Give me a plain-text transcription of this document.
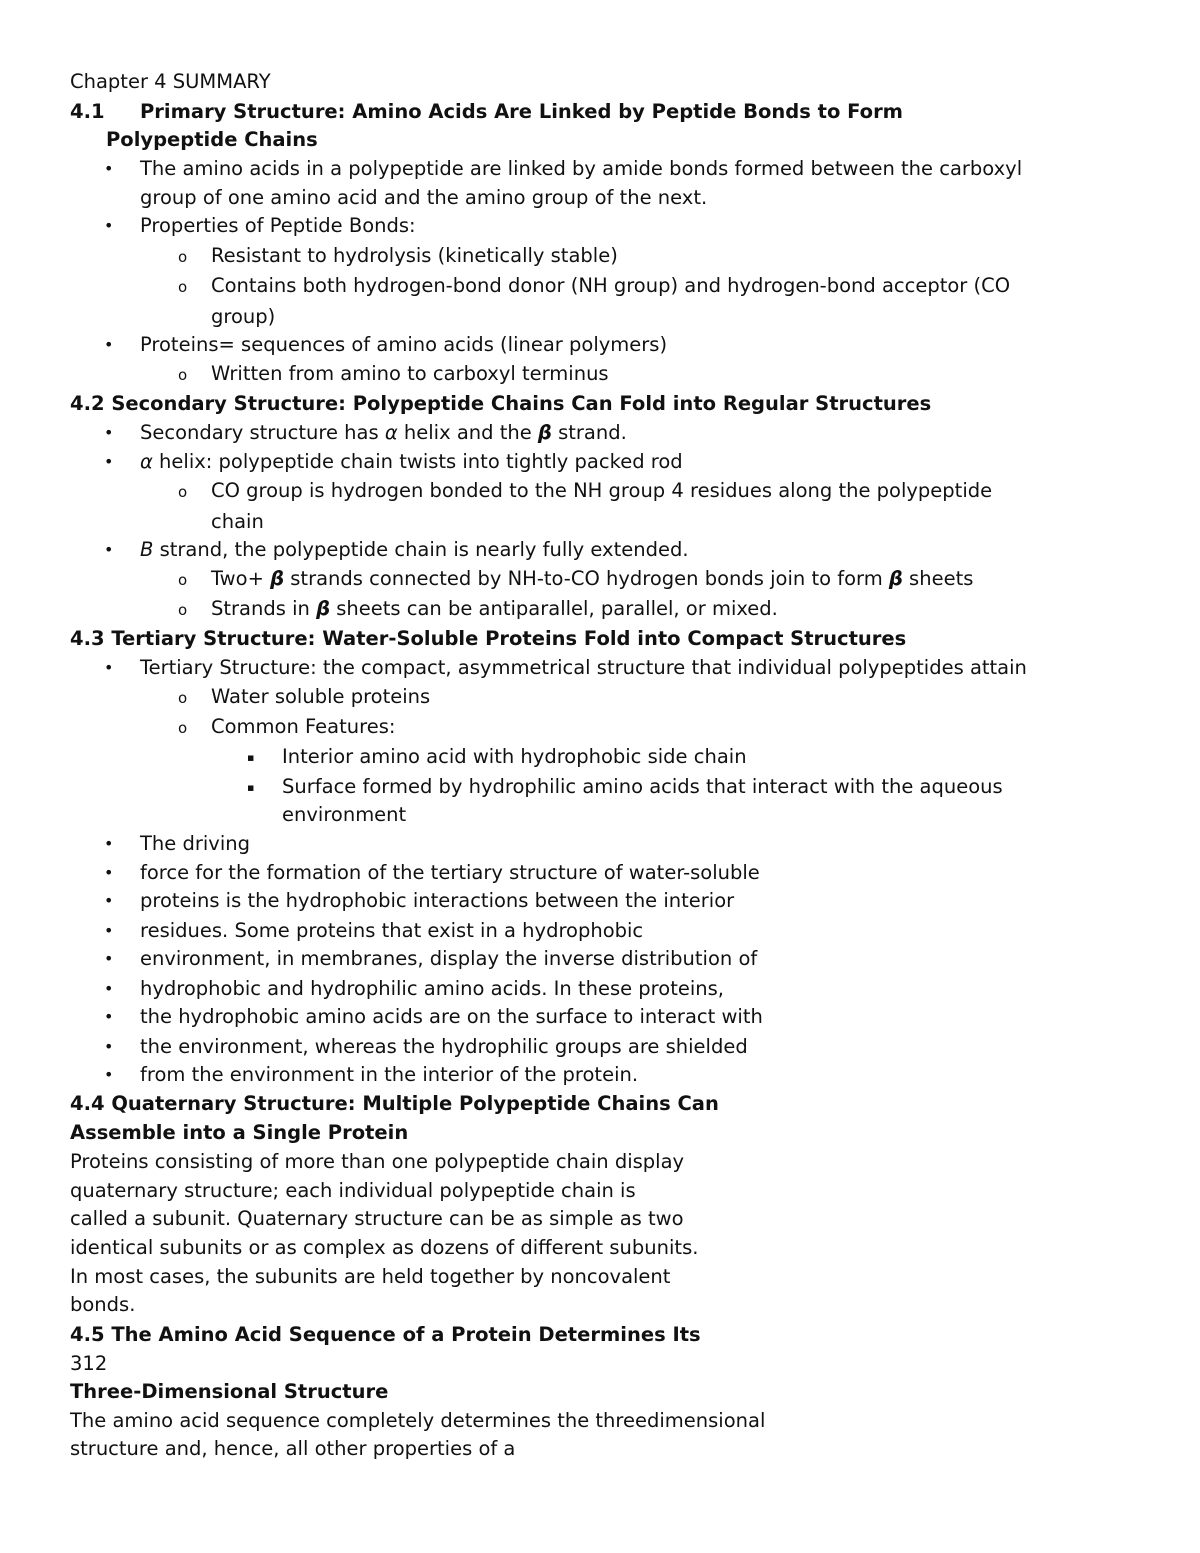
Chapter 4 SUMMARY
4.1 Primary Structure: Amino Acids Are Linked by Peptide Bonds to Form
Polypeptide Chains
• The amino acids in a polypeptide are linked by amide bonds formed between the carboxyl
group of one amino acid and the amino group of the next.
• Properties of Peptide Bonds:
o Resistant to hydrolysis (kinetically stable)
o Contains both hydrogen-bond donor (NH group) and hydrogen-bond acceptor (CO
group)
• Proteins= sequences of amino acids (linear polymers)
o Written from amino to carboxyl terminus
4.2 Secondary Structure: Polypeptide Chains Can Fold into Regular Structures
• Secondary structure has α helix and the β strand.
• α helix: polypeptide chain twists into tightly packed rod
o CO group is hydrogen bonded to the NH group 4 residues along the polypeptide
chain
• B strand, the polypeptide chain is nearly fully extended.
o Two+ β strands connected by NH-to-CO hydrogen bonds join to form β sheets
o Strands in β sheets can be antiparallel, parallel, or mixed.
4.3 Tertiary Structure: Water-Soluble Proteins Fold into Compact Structures
• Tertiary Structure: the compact, asymmetrical structure that individual polypeptides attain
o Water soluble proteins
o Common Features:
▪ Interior amino acid with hydrophobic side chain
▪ Surface formed by hydrophilic amino acids that interact with the aqueous
environment
• The driving
• force for the formation of the tertiary structure of water-soluble
• proteins is the hydrophobic interactions between the interior
• residues. Some proteins that exist in a hydrophobic
• environment, in membranes, display the inverse distribution of
• hydrophobic and hydrophilic amino acids. In these proteins,
• the hydrophobic amino acids are on the surface to interact with
• the environment, whereas the hydrophilic groups are shielded
• from the environment in the interior of the protein.
4.4 Quaternary Structure: Multiple Polypeptide Chains Can
Assemble into a Single Protein
Proteins consisting of more than one polypeptide chain display
quaternary structure; each individual polypeptide chain is
called a subunit. Quaternary structure can be as simple as two
identical subunits or as complex as dozens of different subunits.
In most cases, the subunits are held together by noncovalent
bonds.
4.5 The Amino Acid Sequence of a Protein Determines Its
312
Three-Dimensional Structure
The amino acid sequence completely determines the threedimensional
structure and, hence, all other properties of a
